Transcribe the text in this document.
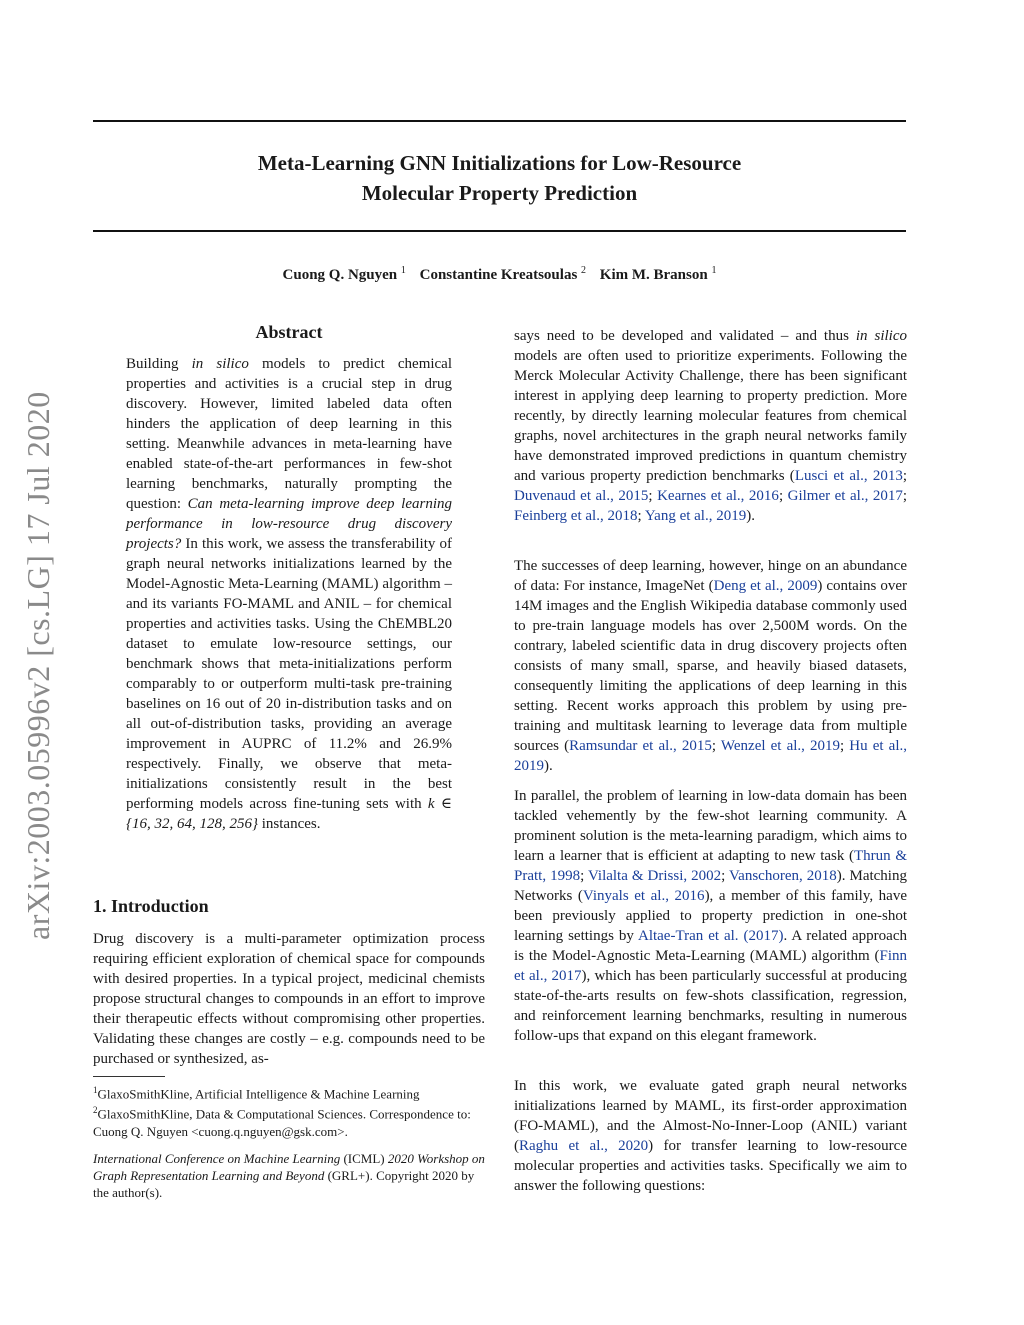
Meta-Learning GNN Initializations for Low-Resource
Molecular Property Prediction
Cuong Q. Nguyen $^1$ Constantine Kreatsoulas $^2$ Kim M. Branson $^1$
arXiv:2003.05996v2 [cs.LG] 17 Jul 2020
Abstract
Building in silico models to predict chemical properties and activities is a crucial step in drug discovery. However, limited labeled data often hinders the application of deep learning in this setting. Meanwhile advances in meta-learning have enabled state-of-the-art performances in few-shot learning benchmarks, naturally prompting the question: Can meta-learning improve deep learning performance in low-resource drug discovery projects? In this work, we assess the transferability of graph neural networks initializations learned by the Model-Agnostic Meta-Learning (MAML) algorithm – and its variants FO-MAML and ANIL – for chemical properties and activities tasks. Using the ChEMBL20 dataset to emulate low-resource settings, our benchmark shows that meta-initializations perform comparably to or outperform multi-task pre-training baselines on 16 out of 20 in-distribution tasks and on all out-of-distribution tasks, providing an average improvement in AUPRC of 11.2% and 26.9% respectively. Finally, we observe that meta-initializations consistently result in the best performing models across fine-tuning sets with k ∈ {16, 32, 64, 128, 256} instances.
1. Introduction
Drug discovery is a multi-parameter optimization process requiring efficient exploration of chemical space for compounds with desired properties. In a typical project, medicinal chemists propose structural changes to compounds in an effort to improve their therapeutic effects without compromising other properties. Validating these changes are costly – e.g. compounds need to be purchased or synthesized, as-
$^1$GlaxoSmithKline, Artificial Intelligence & Machine Learning
$^2$GlaxoSmithKline, Data & Computational Sciences. Correspondence to: Cuong Q. Nguyen <cuong.q.nguyen@gsk.com>.
International Conference on Machine Learning (ICML) 2020 Workshop on Graph Representation Learning and Beyond (GRL+). Copyright 2020 by the author(s).

says need to be developed and validated – and thus in silico models are often used to prioritize experiments. Following the Merck Molecular Activity Challenge, there has been significant interest in applying deep learning to property prediction. More recently, by directly learning molecular features from chemical graphs, novel architectures in the graph neural networks family have demonstrated improved predictions in quantum chemistry and various property prediction benchmarks (Lusci et al., 2013; Duvenaud et al., 2015; Kearnes et al., 2016; Gilmer et al., 2017; Feinberg et al., 2018; Yang et al., 2019).

The successes of deep learning, however, hinge on an abundance of data: For instance, ImageNet (Deng et al., 2009) contains over 14M images and the English Wikipedia database commonly used to pre-train language models has over 2,500M words. On the contrary, labeled scientific data in drug discovery projects often consists of many small, sparse, and heavily biased datasets, consequently limiting the applications of deep learning in this setting. Recent works approach this problem by using pre-training and multitask learning to leverage data from multiple sources (Ramsundar et al., 2015; Wenzel et al., 2019; Hu et al., 2019).

In parallel, the problem of learning in low-data domain has been tackled vehemently by the few-shot learning community. A prominent solution is the meta-learning paradigm, which aims to learn a learner that is efficient at adapting to new task (Thrun & Pratt, 1998; Vilalta & Drissi, 2002; Vanschoren, 2018). Matching Networks (Vinyals et al., 2016), a member of this family, have been previously applied to property prediction in one-shot learning settings by Altae-Tran et al. (2017). A related approach is the Model-Agnostic Meta-Learning (MAML) algorithm (Finn et al., 2017), which has been particularly successful at producing state-of-the-arts results on few-shots classification, regression, and reinforcement learning benchmarks, resulting in numerous follow-ups that expand on this elegant framework.

In this work, we evaluate gated graph neural networks initializations learned by MAML, its first-order approximation (FO-MAML), and the Almost-No-Inner-Loop (ANIL) variant (Raghu et al., 2020) for transfer learning to low-resource molecular properties and activities tasks. Specifically we aim to answer the following questions:
